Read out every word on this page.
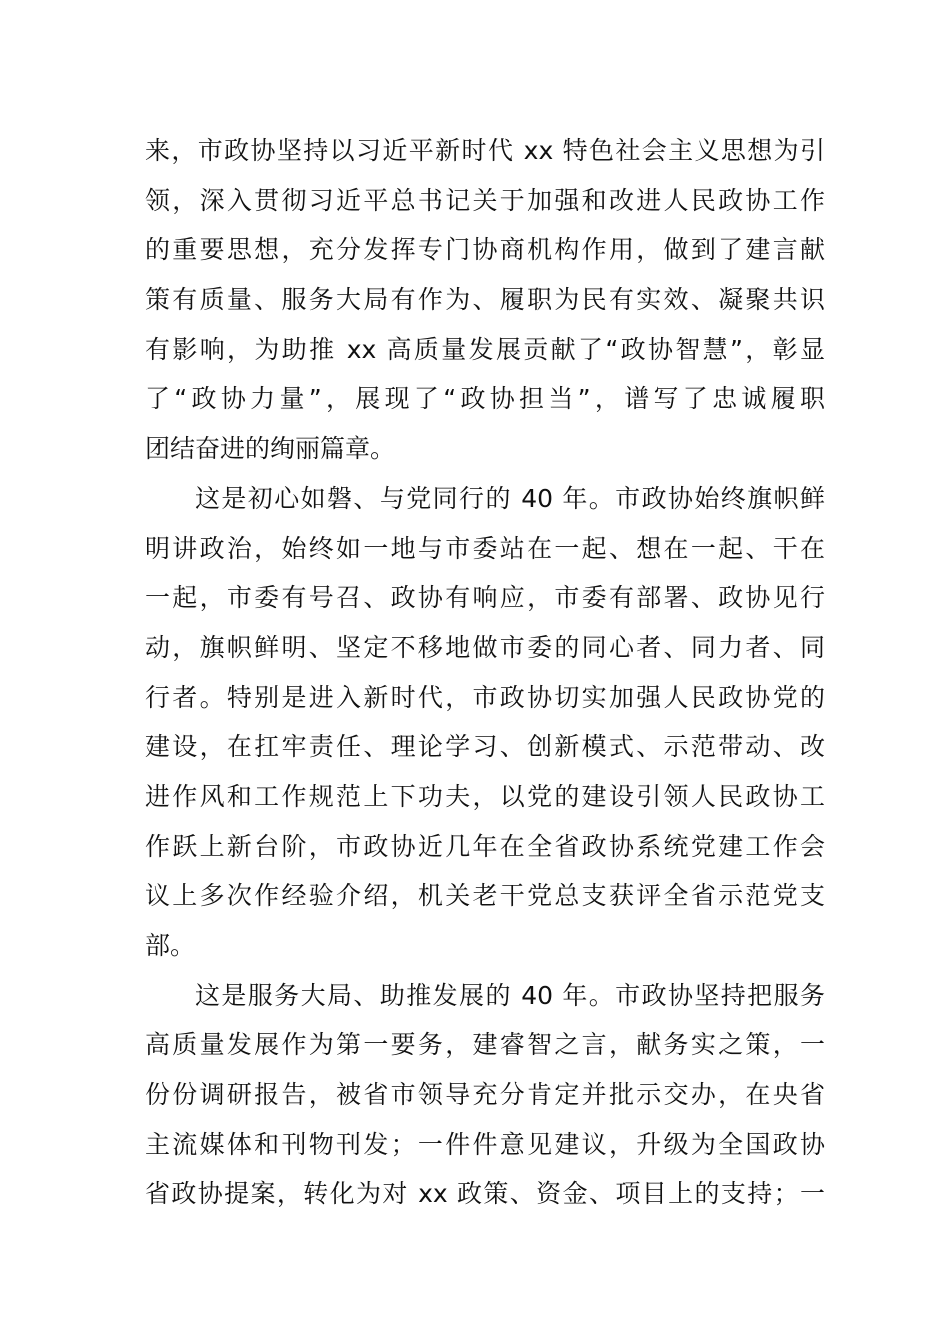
来，市政协坚持以习近平新时代 xx 特色社会主义思想为引
领，深入贯彻习近平总书记关于加强和改进人民政协工作
的重要思想，充分发挥专门协商机构作用，做到了建言献
策有质量、服务大局有作为、履职为民有实效、凝聚共识
有影响，为助推 xx 高质量发展贡献了“政协智慧”，彰显
了“政协力量”，展现了“政协担当”，谱写了忠诚履职
团结奋进的绚丽篇章。
这是初心如磐、与党同行的 40 年。市政协始终旗帜鲜
明讲政治，始终如一地与市委站在一起、想在一起、干在
一起，市委有号召、政协有响应，市委有部署、政协见行
动，旗帜鲜明、坚定不移地做市委的同心者、同力者、同
行者。特别是进入新时代，市政协切实加强人民政协党的
建设，在扛牢责任、理论学习、创新模式、示范带动、改
进作风和工作规范上下功夫，以党的建设引领人民政协工
作跃上新台阶，市政协近几年在全省政协系统党建工作会
议上多次作经验介绍，机关老干党总支获评全省示范党支
部。
这是服务大局、助推发展的 40 年。市政协坚持把服务
高质量发展作为第一要务，建睿智之言，献务实之策，一
份份调研报告，被省市领导充分肯定并批示交办，在央省
主流媒体和刊物刊发；一件件意见建议，升级为全国政协
省政协提案，转化为对 xx 政策、资金、项目上的支持；一
